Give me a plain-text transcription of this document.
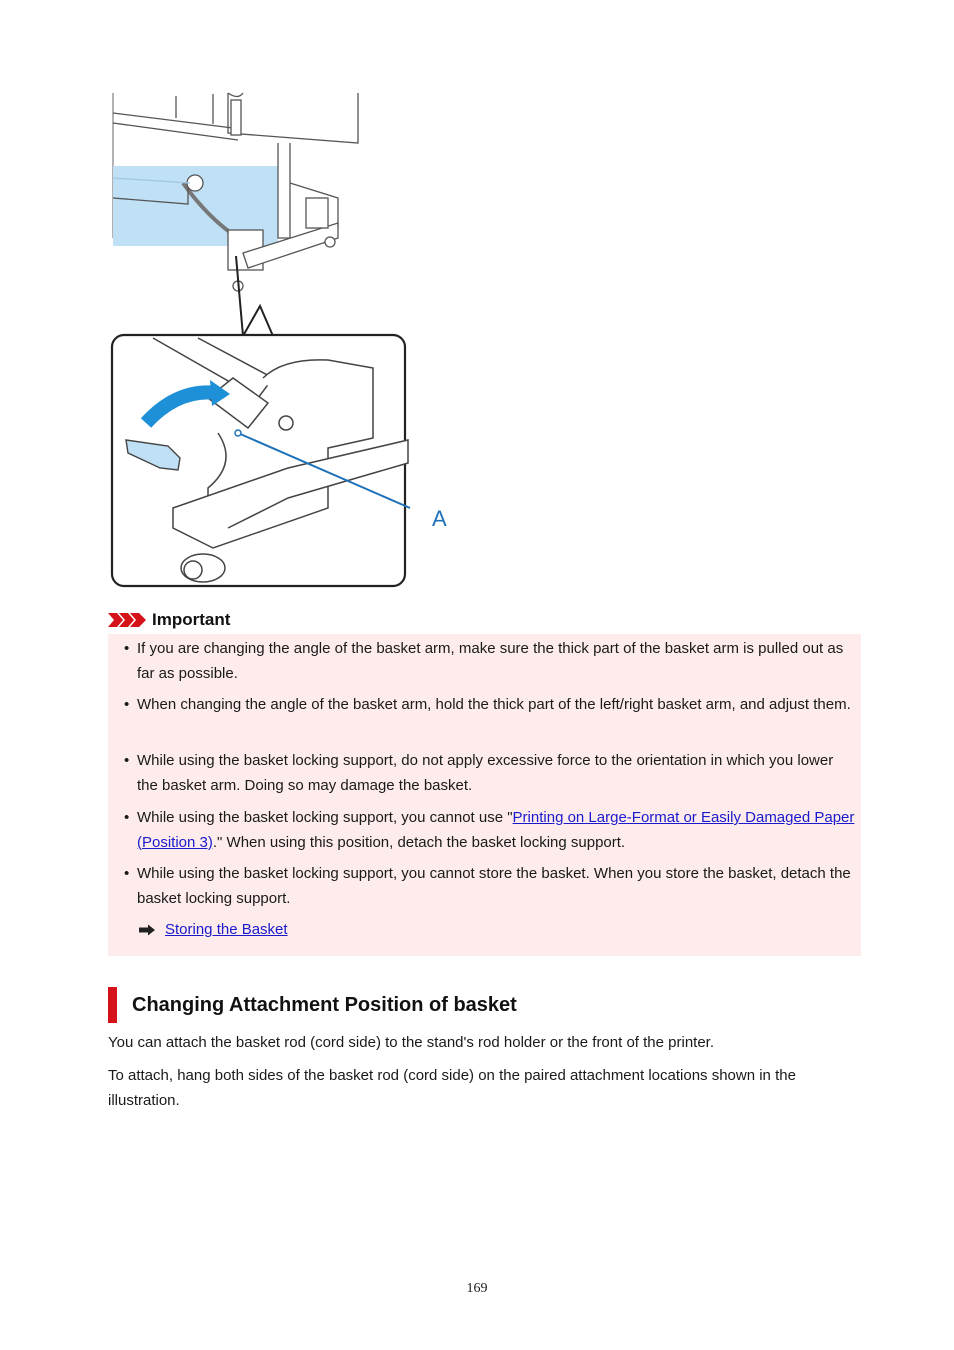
A
Important
• If you are changing the angle of the basket arm, make sure the thick part of the basket arm is pulled out as far as possible.
• When changing the angle of the basket arm, hold the thick part of the left/right basket arm, and adjust them.
• While using the basket locking support, do not apply excessive force to the orientation in which you lower the basket arm. Doing so may damage the basket.
• While using the basket locking support, you cannot use "Printing on Large-Format or Easily Damaged Paper (Position 3)." When using this position, detach the basket locking support.
• While using the basket locking support, you cannot store the basket. When you store the basket, detach the basket locking support.
Storing the Basket
Changing Attachment Position of basket
You can attach the basket rod (cord side) to the stand's rod holder or the front of the printer.
To attach, hang both sides of the basket rod (cord side) on the paired attachment locations shown in the illustration.
169
